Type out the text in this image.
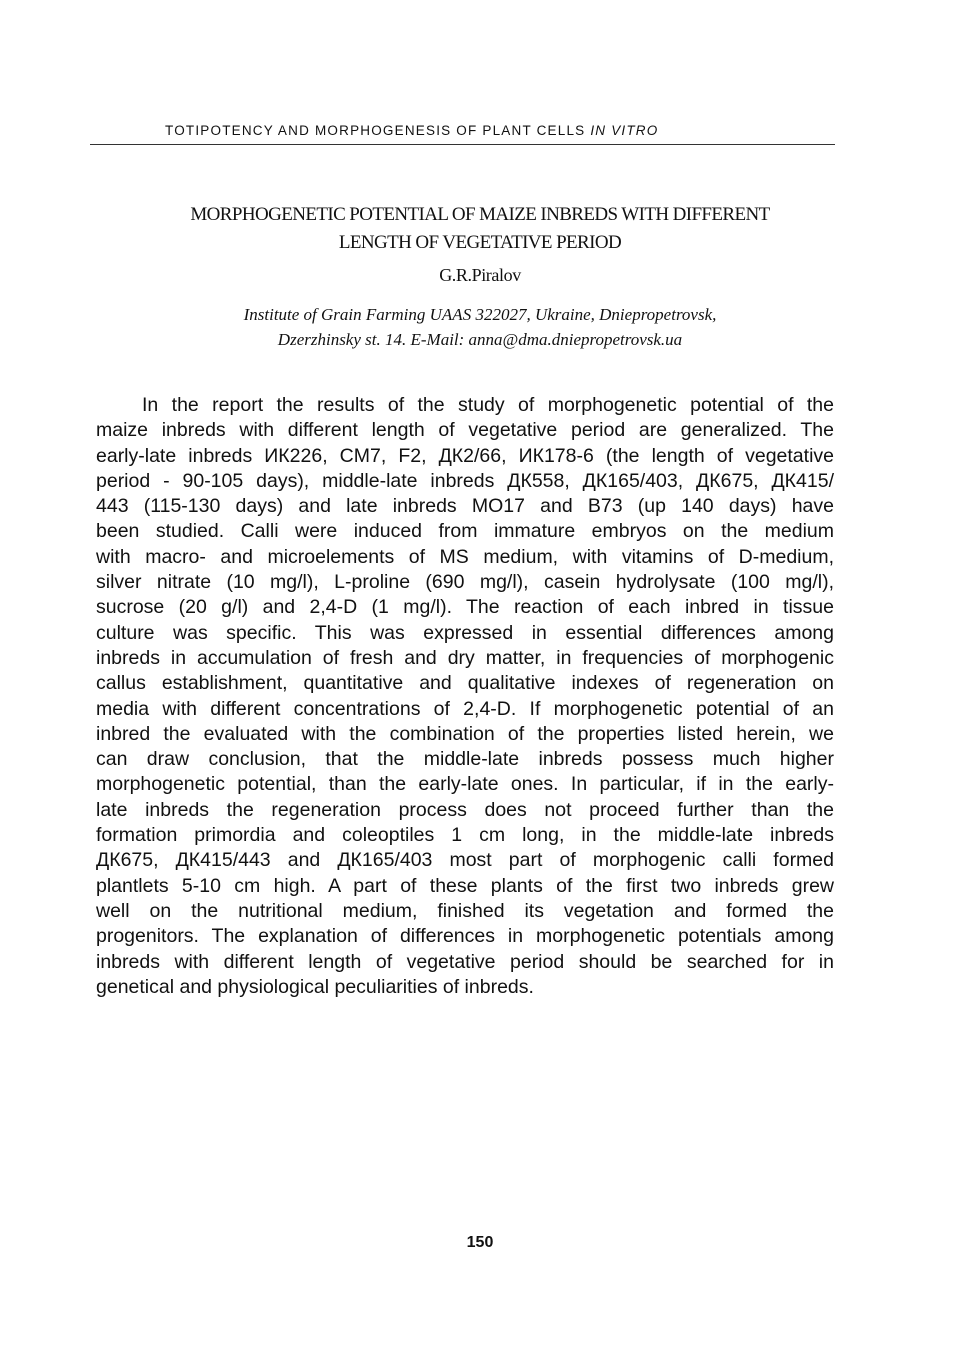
TOTIPOTENCY AND MORPHOGENESIS OF PLANT CELLS IN VITRO
MORPHOGENETIC POTENTIAL OF MAIZE INBREDS WITH DIFFERENT
LENGTH OF VEGETATIVE PERIOD
G.R.Piralov
Institute of Grain Farming UAAS 322027, Ukraine, Dniepropetrovsk,
Dzerzhinsky st. 14. E-Mail: anna@dma.dniepropetrovsk.ua
In the report the results of the study of morphogenetic potential of the
maize inbreds with different length of vegetative period are generalized. The
early-late inbreds ИК226, CM7, F2, ДК2/66, ИК178-6 (the length of vegetative
period - 90-105 days), middle-late inbreds ДК558, ДК165/403, ДК675, ДК415/
443 (115-130 days) and late inbreds MO17 and B73 (up 140 days) have
been studied. Calli were induced from immature embryos on the medium
with macro- and microelements of MS medium, with vitamins of D-medium,
silver nitrate (10 mg/l), L-proline (690 mg/l), casein hydrolysate (100 mg/l),
sucrose (20 g/l) and 2,4-D (1 mg/l). The reaction of each inbred in tissue
culture was specific. This was expressed in essential differences among
inbreds in accumulation of fresh and dry matter, in frequencies of morphogenic
callus establishment, quantitative and qualitative indexes of regeneration on
media with different concentrations of 2,4-D. If morphogenetic potential of an
inbred the evaluated with the combination of the properties listed herein, we
can draw conclusion, that the middle-late inbreds possess much higher
morphogenetic potential, than the early-late ones. In particular, if in the early-
late inbreds the regeneration process does not proceed further than the
formation primordia and coleoptiles 1 cm long, in the middle-late inbreds
ДК675, ДК415/443 and ДК165/403 most part of morphogenic calli formed
plantlets 5-10 cm high. A part of these plants of the first two inbreds grew
well on the nutritional medium, finished its vegetation and formed the
progenitors. The explanation of differences in morphogenetic potentials among
inbreds with different length of vegetative period should be searched for in
genetical and physiological peculiarities of inbreds.
150
